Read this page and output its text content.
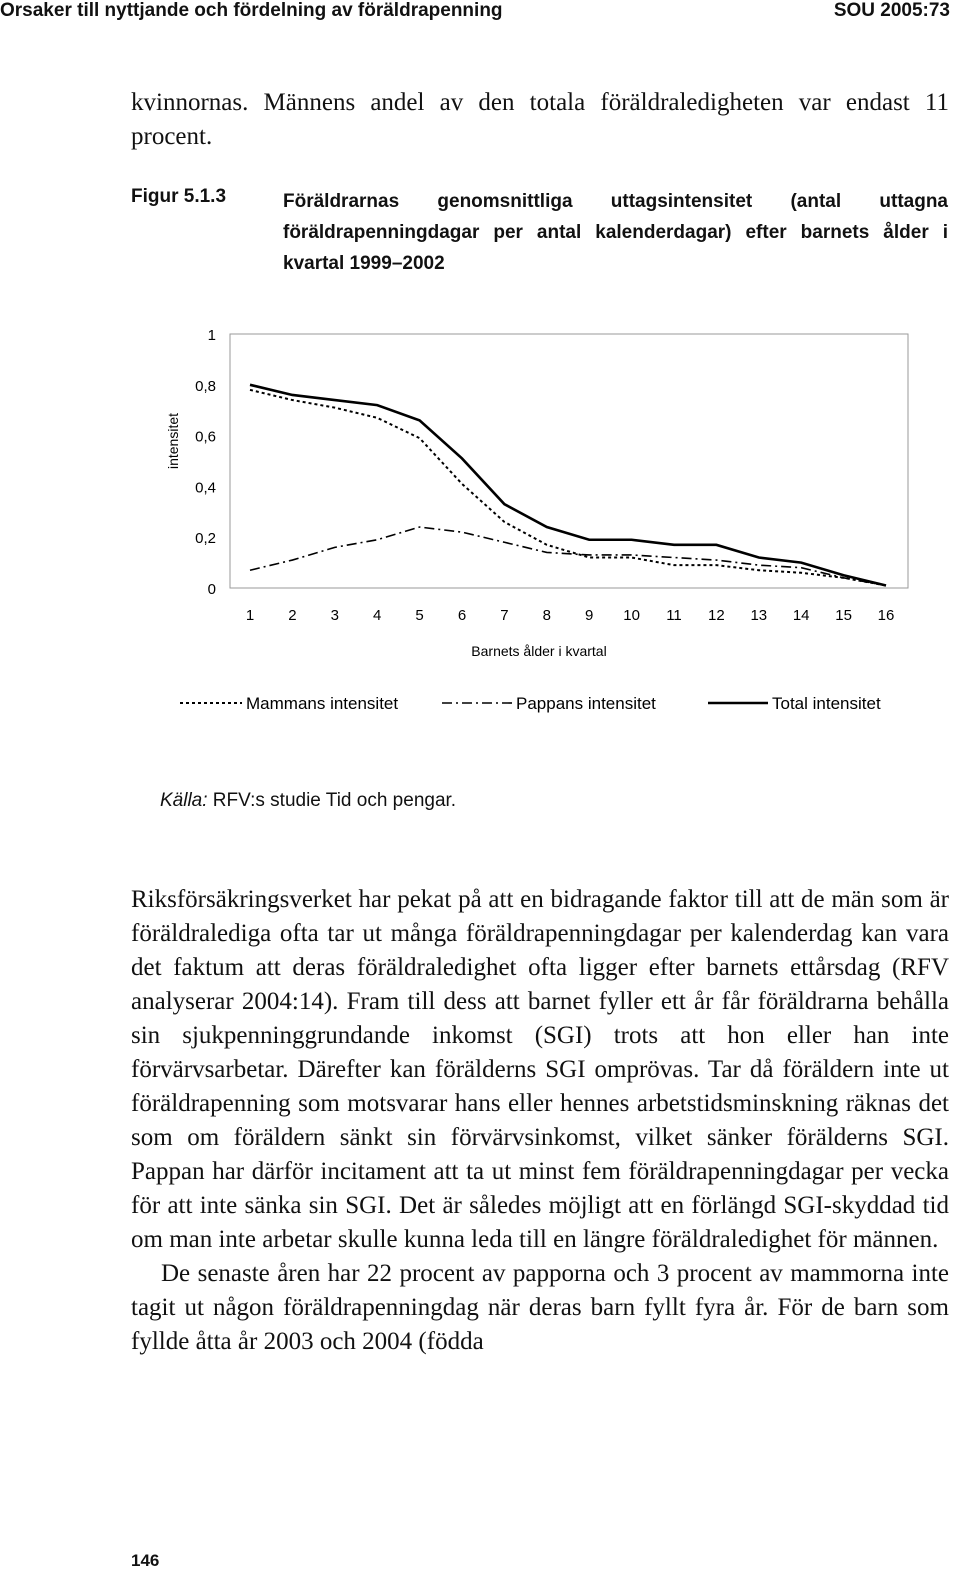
Orsaker till nyttjande och fördelning av föräldrapenning	SOU 2005:73
kvinnornas. Männens andel av den totala föräldraledigheten var endast 11 procent.
Figur 5.1.3	Föräldrarnas genomsnittliga uttagsintensitet (antal uttagna föräldrapenningdagar per antal kalenderdagar) efter barnets ålder i kvartal 1999–2002
0
0,2
0,4
0,6
0,8
1
1 2 3 4 5 6 7 8 9 10 11 12 13 14 15 16
Barnets ålder i kvartal
intensitet
Mammans intensitet	Pappans intensitet	Total intensitet
Källa: RFV:s studie Tid och pengar.

Riksförsäkringsverket har pekat på att en bidragande faktor till att de män som är föräldralediga ofta tar ut många föräldrapenningdagar per kalenderdag kan vara det faktum att deras föräldraledighet ofta ligger efter barnets ettårsdag (RFV analyserar 2004:14). Fram till dess att barnet fyller ett år får föräldrarna behålla sin sjukpenninggrundande inkomst (SGI) trots att hon eller han inte förvärvsarbetar. Därefter kan förälderns SGI omprövas. Tar då föräldern inte ut föräldrapenning som motsvarar hans eller hennes arbetstidsminskning räknas det som om föräldern sänkt sin förvärvsinkomst, vilket sänker förälderns SGI. Pappan har därför incitament att ta ut minst fem föräldrapenningdagar per vecka för att inte sänka sin SGI. Det är således möjligt att en förlängd SGI-skyddad tid om man inte arbetar skulle kunna leda till en längre föräldraledighet för männen.

De senaste åren har 22 procent av papporna och 3 procent av mammorna inte tagit ut någon föräldrapenningdag när deras barn fyllt fyra år. För de barn som fyllde åtta år 2003 och 2004 (födda

146
